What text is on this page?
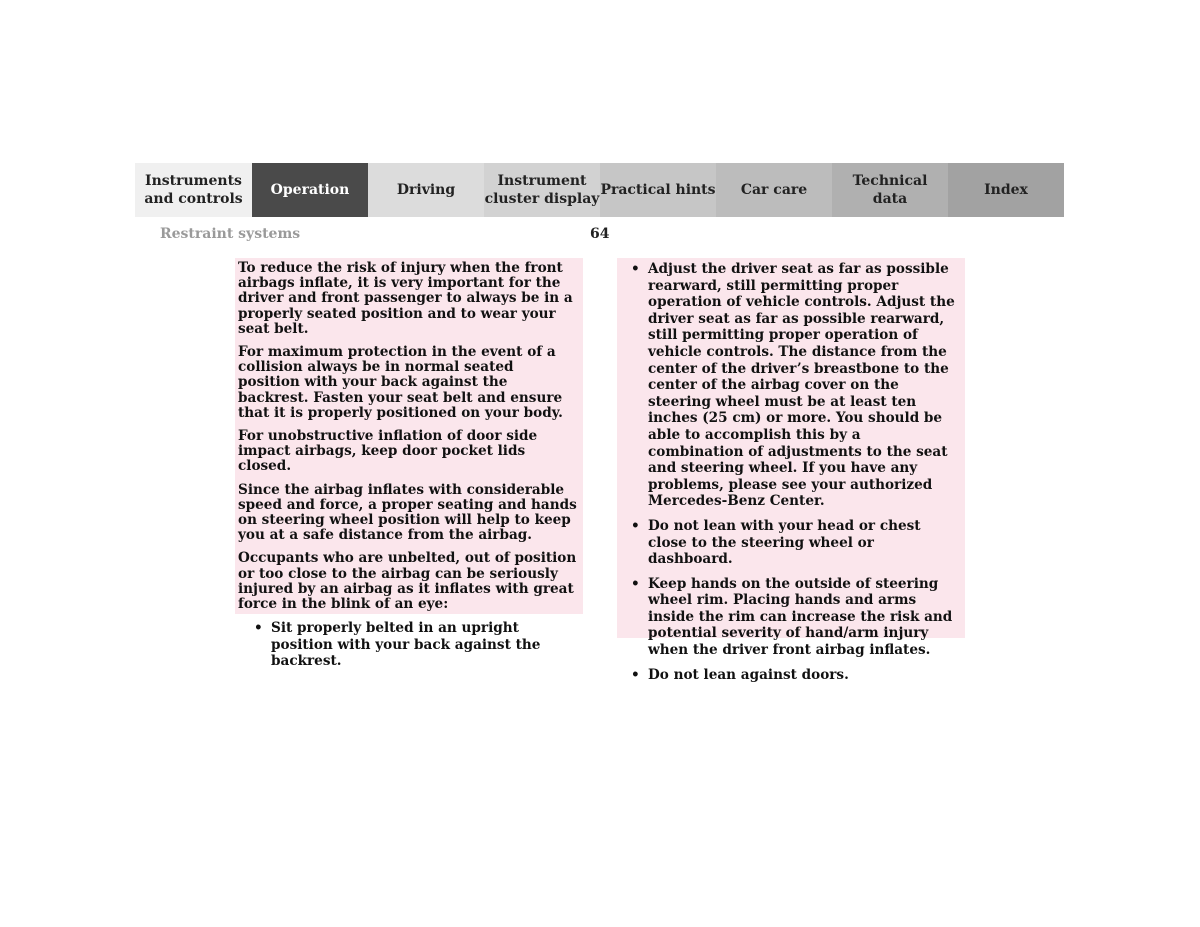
Instruments
and controls
Operation	Driving
Instrument
cluster display
Practical hints	Car care
Technical
data
Index
Restraint systems	64

To reduce the risk of injury when the front airbags inflate, it is very important for the driver and front passenger to always be in a properly seated position and to wear your seat belt.

For maximum protection in the event of a collision always be in normal seated position with your back against the backrest. Fasten your seat belt and ensure that it is properly positioned on your body.

For unobstructive inflation of door side impact airbags, keep door pocket lids closed.

Since the airbag inflates with considerable speed and force, a proper seating and hands on steering wheel position will help to keep you at a safe distance from the airbag.

Occupants who are unbelted, out of position or too close to the airbag can be seriously injured by an airbag as it inflates with great force in the blink of an eye:

• Sit properly belted in an upright position with your back against the backrest.
• Adjust the driver seat as far as possible rearward, still permitting proper operation of vehicle controls. Adjust the driver seat as far as possible rearward, still permitting proper operation of vehicle controls. The distance from the center of the driver’s breastbone to the center of the airbag cover on the steering wheel must be at least ten inches (25 cm) or more. You should be able to accomplish this by a combination of adjustments to the seat and steering wheel. If you have any problems, please see your authorized Mercedes-Benz Center.
• Do not lean with your head or chest close to the steering wheel or dashboard.
• Keep hands on the outside of steering wheel rim. Placing hands and arms inside the rim can increase the risk and potential severity of hand/arm injury when the driver front airbag inflates.
• Do not lean against doors.
